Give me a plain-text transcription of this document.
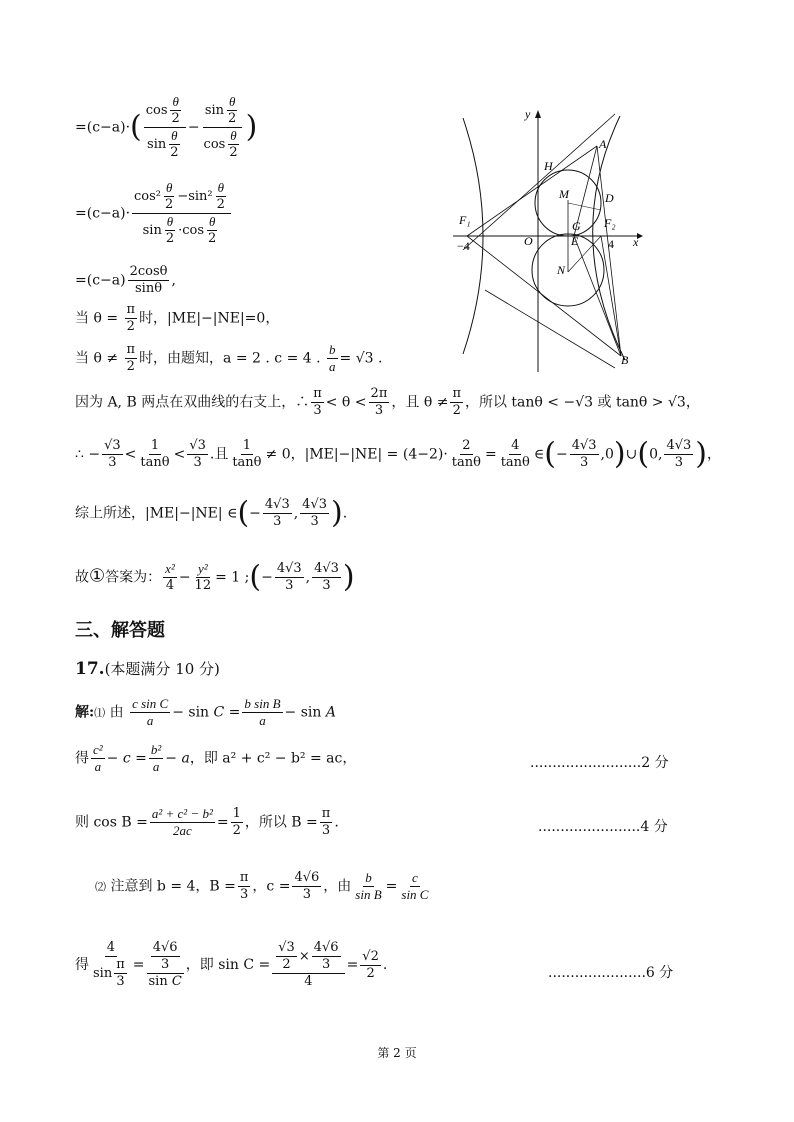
$=(c-a)\cdot( \frac{\cos \frac{\theta}{2}}{\sin \frac{\theta}{2}} - \frac{\sin \frac{\theta}{2}}{\cos \frac{\theta}{2}}$ )
$=(c-a)\cdot \frac{\cos^2 \frac{\theta}{2} -\sin^2 \frac{\theta}{2}}{\sin \frac{\theta}{2} \cdot\cos \frac{\theta}{2}}$
$=(c-a) \frac{2\cos\theta}{\sin\theta}$ ,
当 $\theta = \frac{\pi}{2}$ 时，|ME|−|NE|=0，
当 $\theta \ne \frac{\pi}{2}$ 时，由题知，a = 2 . c = 4 . $\frac{b}{a} = √3$ .
因为 A, B 两点在双曲线的右支上，∴ $\frac{\pi}{3} < \theta < \frac{2\pi}{3}$ ，且 $\theta \ne \frac{\pi}{2}$ ，所以 tanθ < −√3 或 tanθ > √3，
∴ − $\frac{√3}{3} < \frac{1}{\tan\theta} < \frac{√3}{3}$ .且 $\frac{1}{\tan\theta} \ne 0$，$|ME|-|NE| = (4-2)\cdot \frac{2}{\tan\theta} = \frac{4}{\tan\theta}$ ∈(− $\frac{4√3}{3}$ ,0)∪(0, $\frac{4√3}{3}$ )，
综上所述，|ME|−|NE| ∈(− $\frac{4√3}{3}$ , $\frac{4√3}{3}$ ).
故①答案为： $\frac{\text{x²}}{4} - \frac{\text{y²}}{12} = 1$ ;(− $\frac{4√3}{3}$ , $\frac{4√3}{3}$ )
y
x
H
A
M	D
G F₂
F₁
O	E 4
−4
N
B
三、解答题
17.(本题满分 10 分)
解:⑴ 由 $\frac{\text{c sin C}}{a} - \sin C = \frac{\text{b sin B}}{a} - \sin A$
得 $\frac{\text{c²}}{a} - c = \frac{\text{b²}}{a} - a$，即 a² + c² − b² = ac，	.........................2 分
则 $\cos B = \frac{\text{a² + c² − b²}}{2ac} = \frac{1}{2}$ ，所以 $B = \frac{\pi}{3}$ .	.......................4 分
⑵ 注意到 b = 4，$B = \frac{\pi}{3}$ ，$c = \frac{4√6}{3}$ ，由 $\frac{b}{\text{sin B}} = \frac{c}{\text{sin C}}$
得 $\frac{4}{\sin \frac{\pi}{3}} = \frac{\frac{4√6}{3}}{\text{sin C}}$ ，即 $\sin C = \frac{\frac{√3}{2} \times \frac{4√6}{3}}{4} = \frac{√2}{2}$ .	......................6 分
第 2 页
